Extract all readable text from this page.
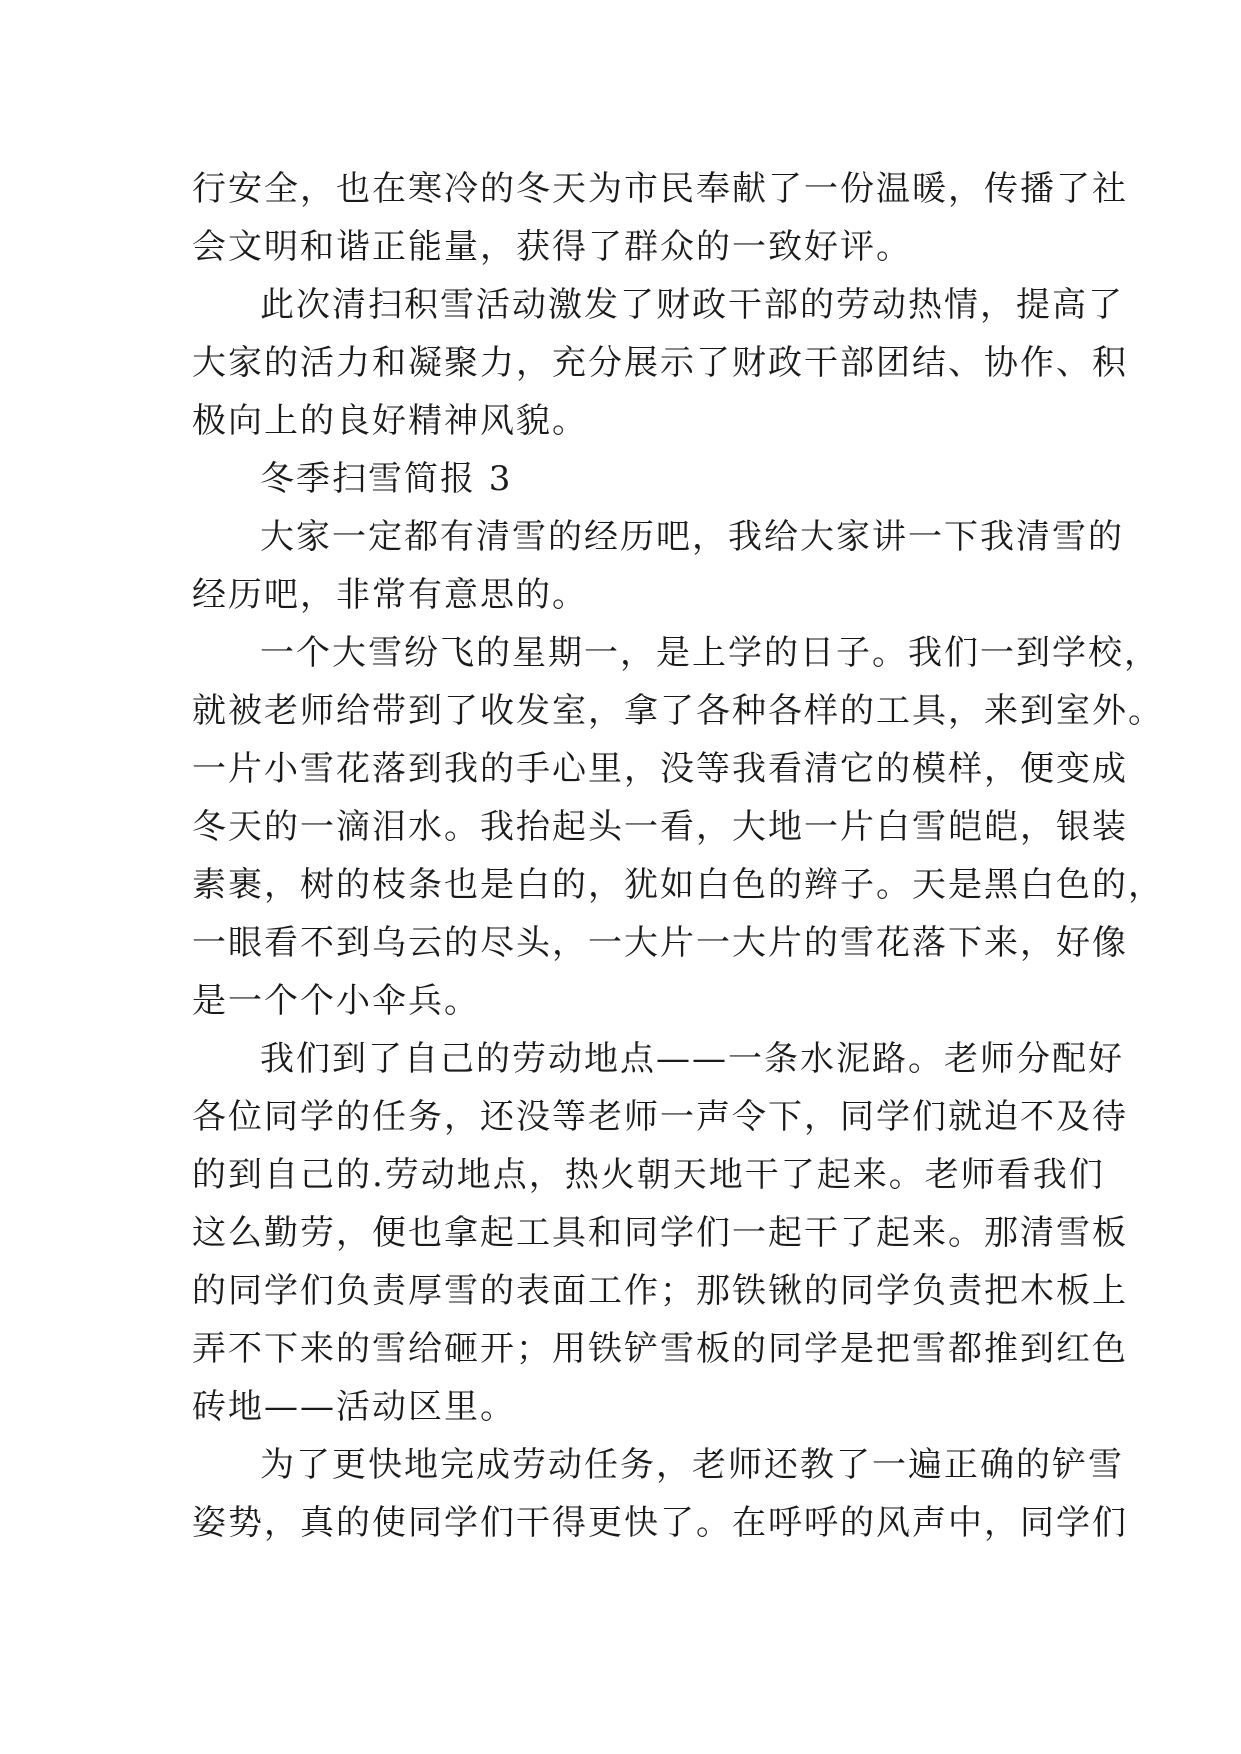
行安全，也在寒冷的冬天为市民奉献了一份温暖，传播了社
会文明和谐正能量，获得了群众的一致好评。
此次清扫积雪活动激发了财政干部的劳动热情，提高了
大家的活力和凝聚力，充分展示了财政干部团结、协作、积
极向上的良好精神风貌。
冬季扫雪简报 3
大家一定都有清雪的经历吧，我给大家讲一下我清雪的
经历吧，非常有意思的。
一个大雪纷飞的星期一，是上学的日子。我们一到学校，
就被老师给带到了收发室，拿了各种各样的工具，来到室外。
一片小雪花落到我的手心里，没等我看清它的模样，便变成
冬天的一滴泪水。我抬起头一看，大地一片白雪皑皑，银装
素裹，树的枝条也是白的，犹如白色的辫子。天是黑白色的，
一眼看不到乌云的尽头，一大片一大片的雪花落下来，好像
是一个个小伞兵。
我们到了自己的劳动地点——一条水泥路。老师分配好
各位同学的任务，还没等老师一声令下，同学们就迫不及待
的到自己的.劳动地点，热火朝天地干了起来。老师看我们
这么勤劳，便也拿起工具和同学们一起干了起来。那清雪板
的同学们负责厚雪的表面工作；那铁锹的同学负责把木板上
弄不下来的雪给砸开；用铁铲雪板的同学是把雪都推到红色
砖地——活动区里。
为了更快地完成劳动任务，老师还教了一遍正确的铲雪
姿势，真的使同学们干得更快了。在呼呼的风声中，同学们
